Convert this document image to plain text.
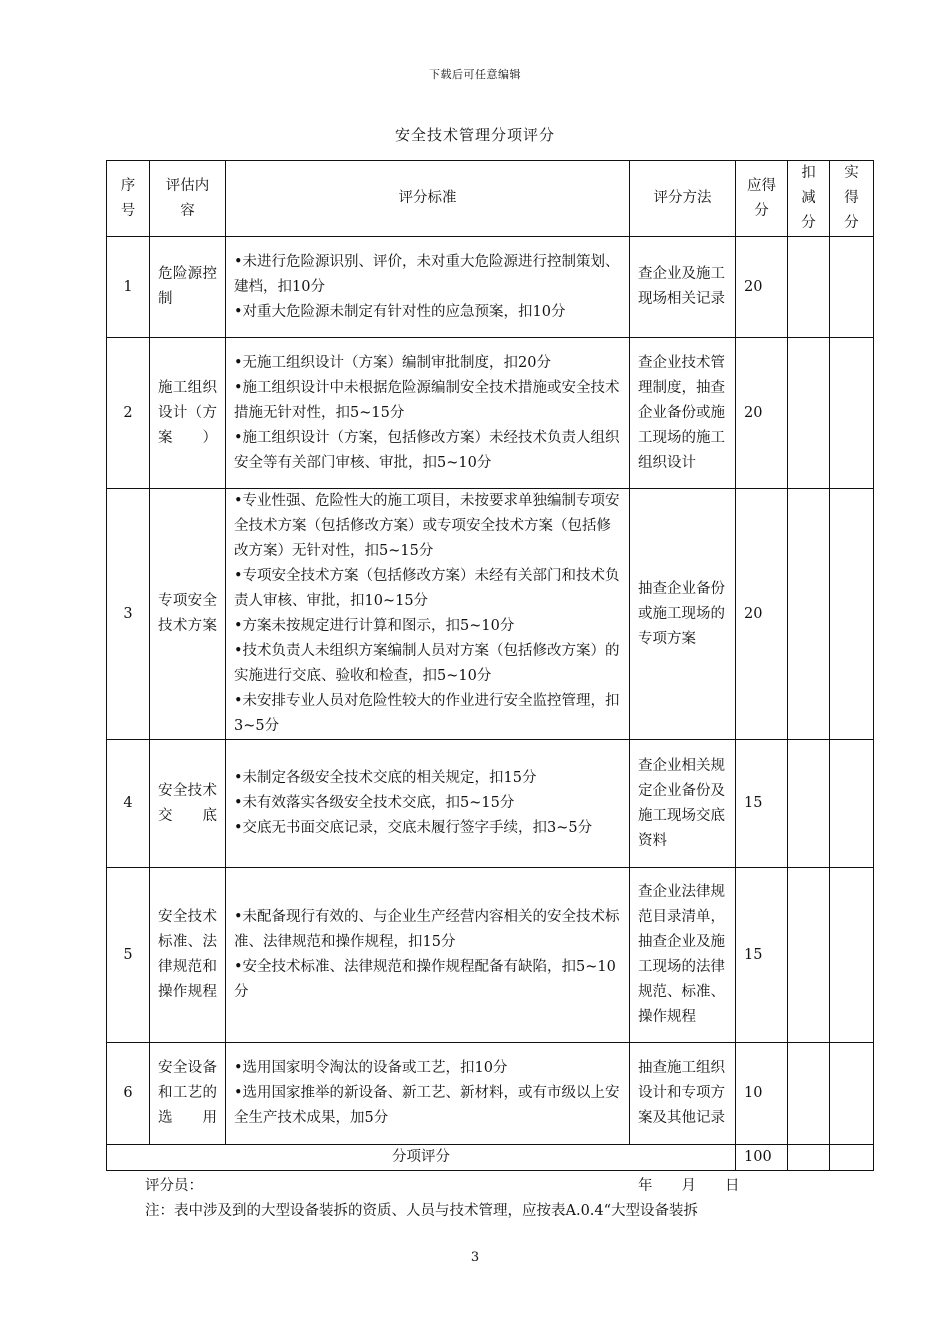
下载后可任意编辑
安全技术管理分项评分
序号	评估内容	评分标准	评分方法	应得分	扣减分	实得分
1	危险源控制	•未进行危险源识别、评价，未对重大危险源进行控制策划、建档，扣10分
•对重大危险源未制定有针对性的应急预案，扣10分	查企业及施工现场相关记录	20		
2	施工组织设计（方案）	•无施工组织设计（方案）编制审批制度，扣20分
•施工组织设计中未根据危险源编制安全技术措施或安全技术措施无针对性，扣5~15分
•施工组织设计（方案，包括修改方案）未经技术负责人组织安全等有关部门审核、审批，扣5~10分	查企业技术管理制度，抽查企业备份或施工现场的施工组织设计	20		
3	专项安全技术方案	•专业性强、危险性大的施工项目，未按要求单独编制专项安全技术方案（包括修改方案）或专项安全技术方案（包括修改方案）无针对性，扣5~15分
•专项安全技术方案（包括修改方案）未经有关部门和技术负责人审核、审批，扣10~15分
•方案未按规定进行计算和图示，扣5~10分
•技术负责人未组织方案编制人员对方案（包括修改方案）的实施进行交底、验收和检查，扣5~10分
•未安排专业人员对危险性较大的作业进行安全监控管理，扣3~5分	抽查企业备份或施工现场的专项方案	20		
4	安全技术交底	•未制定各级安全技术交底的相关规定，扣15分
•未有效落实各级安全技术交底，扣5~15分
•交底无书面交底记录，交底未履行签字手续，扣3~5分	查企业相关规定企业备份及施工现场交底资料	15		
5	安全技术标准、法律规范和操作规程	•未配备现行有效的、与企业生产经营内容相关的安全技术标准、法律规范和操作规程，扣15分
•安全技术标准、法律规范和操作规程配备有缺陷，扣5~10分	查企业法律规范目录清单，抽查企业及施工现场的法律规范、标准、操作规程	15		
6	安全设备和工艺的选用	•选用国家明令淘汰的设备或工艺，扣10分
•选用国家推举的新设备、新工艺、新材料，或有市级以上安全生产技术成果，加5分	抽查施工组织设计和专项方案及其他记录	10		
分项评分				100		
评分员：	年　　月　　日
注：表中涉及到的大型设备装拆的资质、人员与技术管理，应按表A.0.4“大型设备装拆
3
